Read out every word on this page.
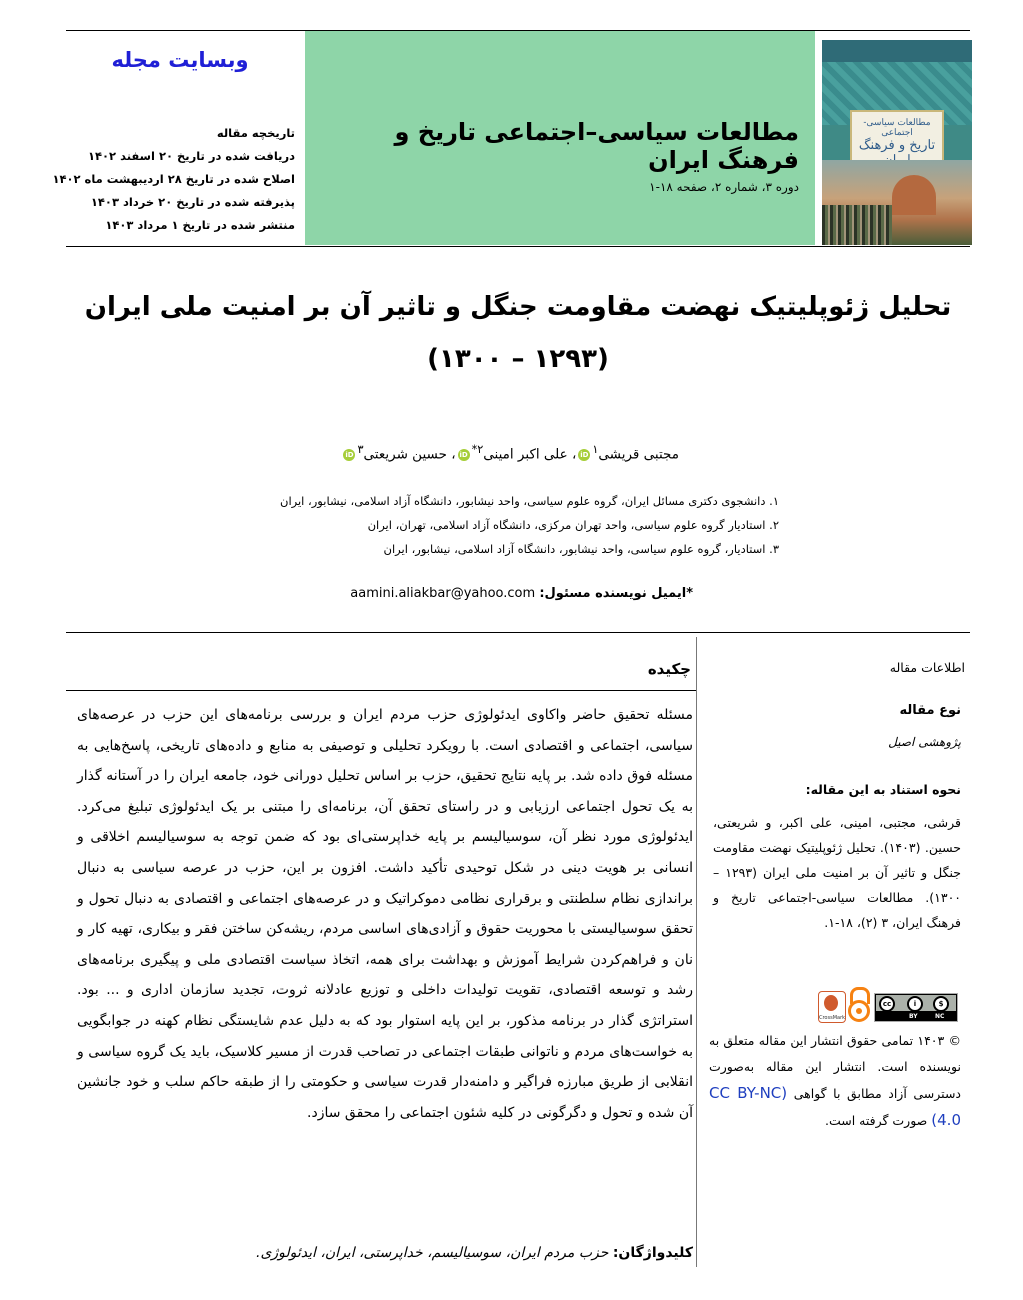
مطالعات سیاسی–اجتماعی تاریخ و فرهنگ ایران
دوره ۳، شماره ۲، صفحه ۱۸-۱
مطالعات سیاسی-اجتماعی
تاریخ و فرهنگ
وبسایت مجله
تاریخچه مقاله
دریافت شده در تاریخ ۲۰ اسفند ۱۴۰۲
اصلاح شده در تاریخ ۲۸ اردیبهشت ماه ۱۴۰۲
پذیرفته شده در تاریخ ۲۰ خرداد ۱۴۰۳
منتشر شده در تاریخ ۱ مرداد ۱۴۰۳
تحلیل ژئوپلیتیک نهضت مقاومت جنگل و تاثیر آن بر امنیت ملی ایران
(۱۲۹۳ – ۱۳۰۰)
مجتبی قریشی$^۱$iD، علی اکبر امینی$^{۲*}$iD، حسین شریعتی$^۳$iD
۱. دانشجوی دکتری مسائل ایران، گروه علوم سیاسی، واحد نیشابور، دانشگاه آزاد اسلامی، نیشابور، ایران
۲. استادیار گروه علوم سیاسی، واحد تهران مرکزی، دانشگاه آزاد اسلامی، تهران، ایران
۳. استادیار، گروه علوم سیاسی، واحد نیشابور، دانشگاه آزاد اسلامی، نیشابور، ایران
*ایمیل نویسنده مسئول: aamini.aliakbar@yahoo.com
اطلاعات مقاله
نوع مقاله
پژوهشی اصیل
نحوه استناد به این مقاله:
قرشی، مجتبی، امینی، علی اکبر، و شریعتی، حسین. (۱۴۰۳). تحلیل ژئوپلیتیک نهضت مقاومت جنگل و تاثیر آن بر امنیت ملی ایران (۱۲۹۳ – ۱۳۰۰). مطالعات سیاسی-اجتماعی تاریخ و فرهنگ ایران، ۳ (۲)، ۱۸-۱.
CrossMark
cc	i	$
BY	NC
© ۱۴۰۳ تمامی حقوق انتشار این مقاله متعلق به نویسنده است. انتشار این مقاله به‌صورت دسترسی آزاد مطابق با گواهی (CC BY-NC 4.0) صورت گرفته است.
چکیده
مسئله تحقیق حاضر واکاوی ایدئولوژی حزب مردم ایران و بررسی برنامه‌های این حزب در عرصه‌های سیاسی، اجتماعی و اقتصادی است. با رویکرد تحلیلی و توصیفی به منابع و داده‌های تاریخی، پاسخ‌هایی به مسئله فوق داده شد. بر پایه نتایج تحقیق، حزب بر اساس تحلیل دورانی خود، جامعه ایران را در آستانه گذار به یک تحول اجتماعی ارزیابی و در راستای تحقق آن، برنامه‌ای را مبتنی بر یک ایدئولوژی تبلیغ می‌کرد. ایدئولوژی مورد نظر آن، سوسیالیسم بر پایه خداپرستی‌ای بود که ضمن توجه به سوسیالیسم اخلاقی و انسانی بر هویت دینی در شکل توحیدی تأکید داشت. افزون بر این، حزب در عرصه سیاسی به دنبال براندازی نظام سلطنتی و برقراری نظامی دموکراتیک و در عرصه‌های اجتماعی و اقتصادی به دنبال تحول و تحقق سوسیالیستی با محوریت حقوق و آزادی‌های اساسی مردم، ریشه‌کن ساختن فقر و بیکاری، تهیه کار و نان و فراهم‌کردن شرایط آموزش و بهداشت برای همه، اتخاذ سیاست اقتصادی ملی و پیگیری برنامه‌های رشد و توسعه اقتصادی، تقویت تولیدات داخلی و توزیع عادلانه ثروت، تجدید سازمان اداری و ... بود. استراتژی گذار در برنامه مذکور، بر این پایه استوار بود که به دلیل عدم شایستگی نظام کهنه در جوابگویی به خواست‌های مردم و ناتوانی طبقات اجتماعی در تصاحب قدرت از مسیر کلاسیک، باید یک گروه سیاسی و انقلابی از طریق مبارزه فراگیر و دامنه‌دار قدرت سیاسی و حکومتی را از طبقه حاکم سلب و خود جانشین آن شده و تحول و دگرگونی در کلیه شئون اجتماعی را محقق سازد.
کلیدواژگان: حزب مردم ایران، سوسیالیسم، خداپرستی، ایران، ایدئولوژی.
